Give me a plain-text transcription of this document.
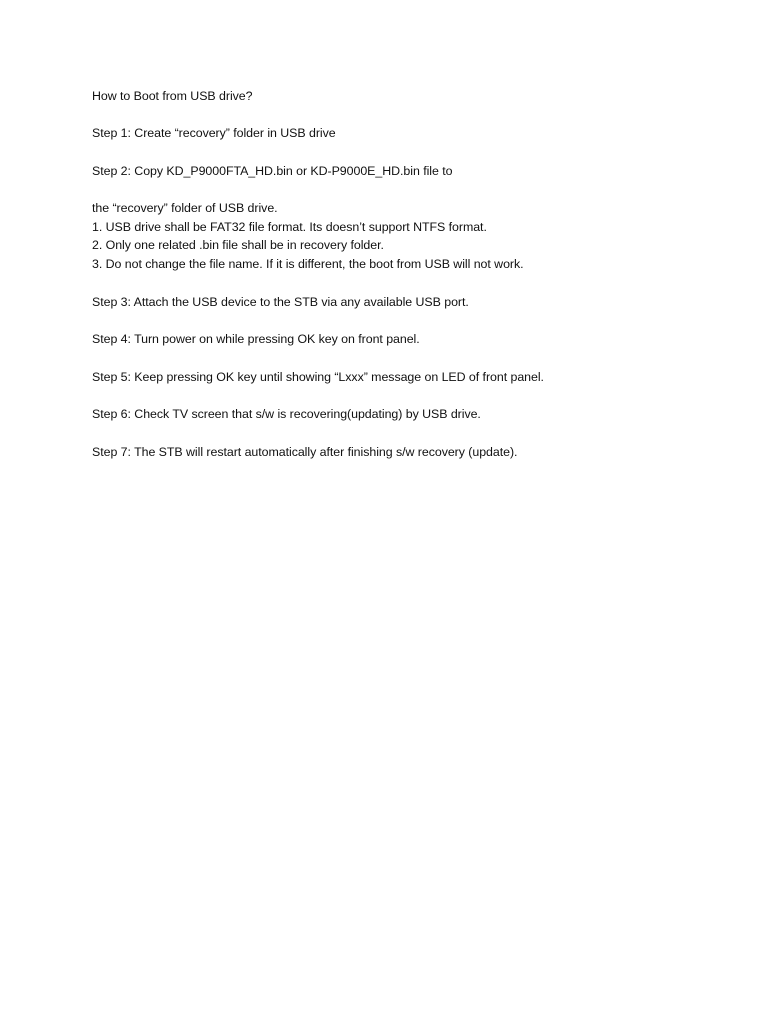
How to Boot from USB drive?
Step 1: Create “recovery” folder in USB drive
Step 2: Copy KD_P9000FTA_HD.bin or KD-P9000E_HD.bin file to
the “recovery” folder of USB drive.
1. USB drive shall be FAT32 file format. Its doesn’t support NTFS format.
2. Only one related .bin file shall be in recovery folder.
3. Do not change the file name. If it is different, the boot from USB will not work.
Step 3: Attach the USB device to the STB via any available USB port.
Step 4: Turn power on while pressing OK key on front panel.
Step 5: Keep pressing OK key until showing “Lxxx” message on LED of front panel.
Step 6: Check TV screen that s/w is recovering(updating) by USB drive.
Step 7: The STB will restart automatically after finishing s/w recovery (update).
